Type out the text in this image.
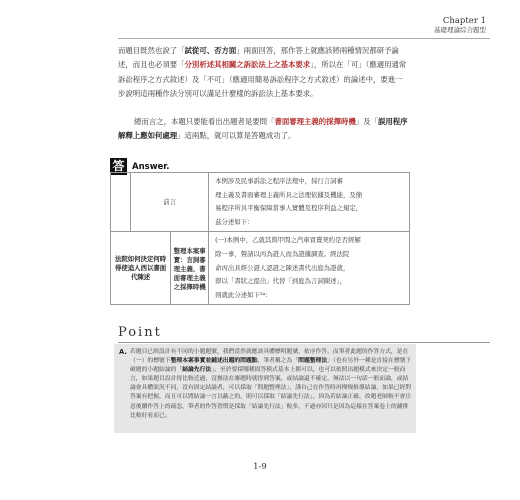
Chapter 1
基礎理論綜合題型
而題目既然也說了「試從可、否方面」兩面回答，那作答上就應該將兩種情況都研予論述，而且也必須要「分別析述其相關之訴訟法上之基本要求」，所以在「可」（應適用通常訴訟程序之方式敘述）及「不可」（應適用簡易訴訟程序之方式敘述）的論述中，要進一步說明這兩種作法分別可以滿足什麼樣的訴訟法上基本要求。
總而言之，本題只要能看出出題者是要問「書面審理主義的採擇時機」及「誤用程序解釋上應如何處理」這兩點，就可以算是答題成功了。
答 Answer.
	前言		本例涉及民事訴訟之程序法理中，採行言詞審
理主義及書面審理主義所具之法理依據及機能，及簡
易程序所具平衡保障當事人實體及程序利益之規定，
茲分述如下：

法院如何決定何時得使追人西以書面代陳述		整理本案事實：言詞審理主義、書面審理主義之採擇時機	(一)本例中，乙就其與甲間之汽車買賣契約是否經解
除一事，聲請以丙為證人而為證據調查。經法院
命丙出具經公證人認證之陳述書代出庭為證就，
即以「書狀之提出」代替「到庭為言詞陳述」，
則就此分述如下⁵⁴：
Point
A. 若題目已經設計有不同的小題題號，我們當然就應該具體標明題號，依序作答，而筆者此題的作答方式，是在（一）的標號下整理本案事實並鋪述出題的問題點，筆者稱之為「問題整理法」（也有另外一種是直接在標號下破題的小題結論的「結論先行法」。至於要採哪種固答模式基本上都可以，也可以依照出題模式來決定一般而言，如果題目設計得比較近過，沒辦法在審題時就得到答案，或結論還不確定，無法以一句話一般而論，或結論會具體狀況不同，沒有固定結論者，可以採取「問題整理法」，謹自己在作答時再慢慢推導結論，如果已經對答案有把握，而且可以將結論一言以蔽之的，則可以採取「結論先行法」，因為若結論正確，改題老師較不會注意後續作答上的疏忽，筆者的作答習慣是採取「結論先行法」較多，不過亦因只是因為這樣在答案卷上的舖排比較好看而已。
1-9
